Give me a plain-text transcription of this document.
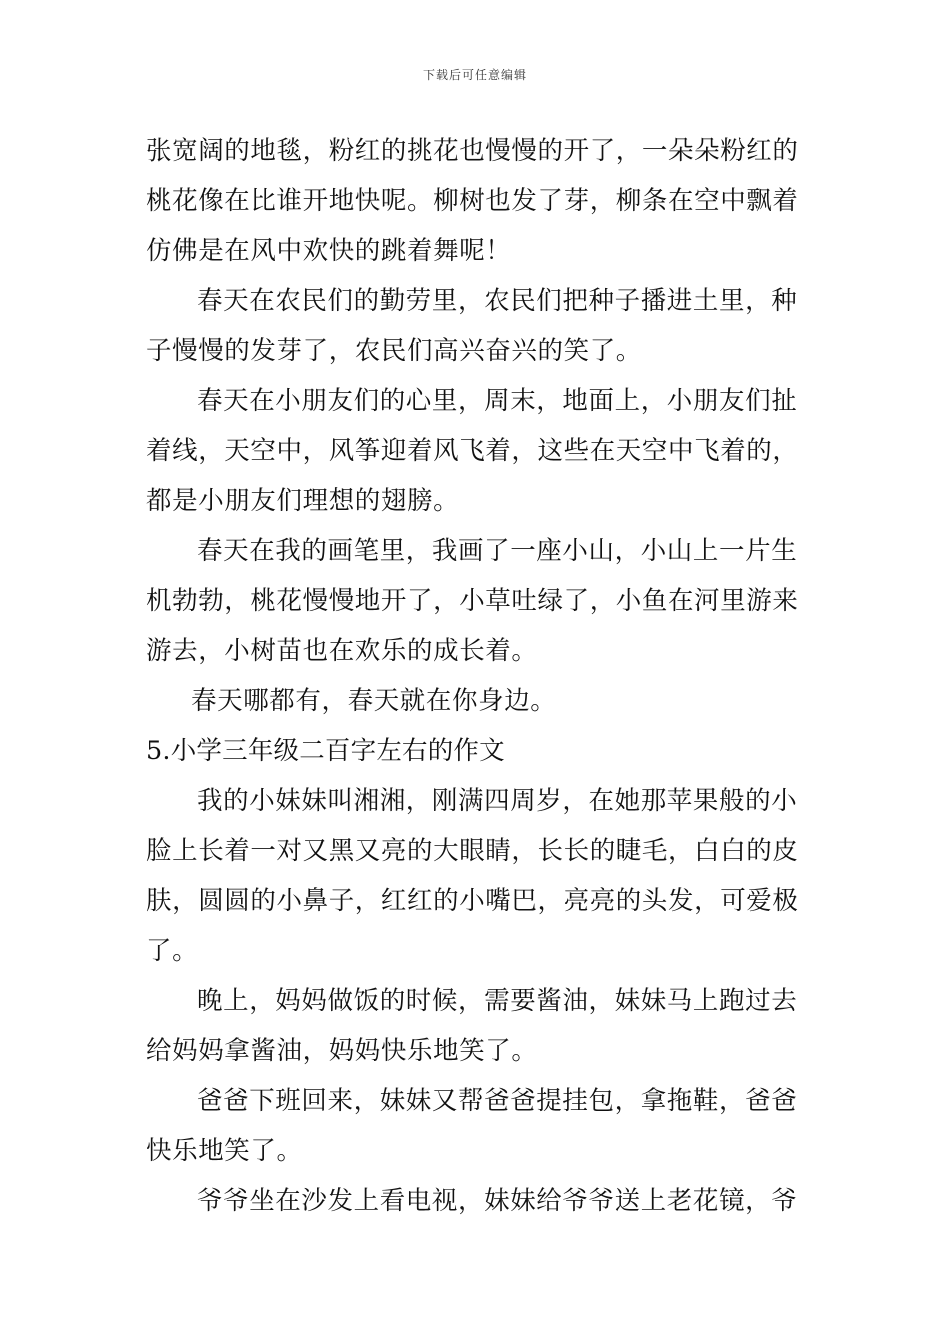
下载后可任意编辑
张宽阔的地毯，粉红的挑花也慢慢的开了，一朵朵粉红的
桃花像在比谁开地快呢。柳树也发了芽，柳条在空中飘着
仿佛是在风中欢快的跳着舞呢！
春天在农民们的勤劳里，农民们把种子播进土里，种
子慢慢的发芽了，农民们高兴奋兴的笑了。
春天在小朋友们的心里，周末，地面上，小朋友们扯
着线，天空中，风筝迎着风飞着，这些在天空中飞着的，
都是小朋友们理想的翅膀。
春天在我的画笔里，我画了一座小山，小山上一片生
机勃勃，桃花慢慢地开了，小草吐绿了，小鱼在河里游来
游去，小树苗也在欢乐的成长着。
春天哪都有，春天就在你身边。
5.小学三年级二百字左右的作文
我的小妹妹叫湘湘，刚满四周岁，在她那苹果般的小
脸上长着一对又黑又亮的大眼睛，长长的睫毛，白白的皮
肤，圆圆的小鼻子，红红的小嘴巴，亮亮的头发，可爱极
了。
晚上，妈妈做饭的时候，需要酱油，妹妹马上跑过去
给妈妈拿酱油，妈妈快乐地笑了。
爸爸下班回来，妹妹又帮爸爸提挂包，拿拖鞋，爸爸
快乐地笑了。
爷爷坐在沙发上看电视，妹妹给爷爷送上老花镜，爷
